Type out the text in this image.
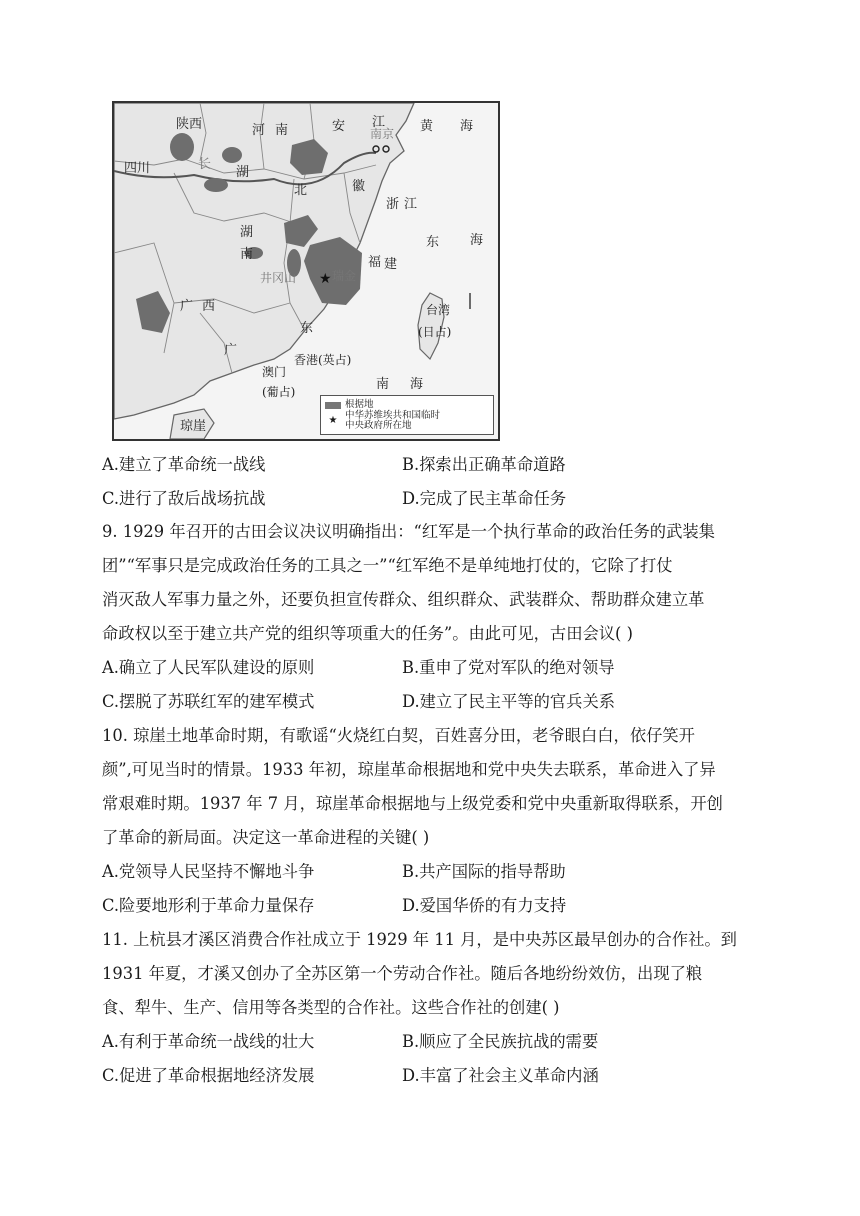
★
陕西	河南	安 江
南京 黄 海
四川	湖
长
北	徽
浙 江
湖
南
东 海
井冈山	瑞金
福 建
广 西
东
台湾
(日占)
广
香港(英占)
澳门
(葡占)	南 海
琼崖
根据地
★ 中华苏维埃共和国临时
中央政府所在地
A.建立了革命统一战线	B.探索出正确革命道路
C.进行了敌后战场抗战	D.完成了民主革命任务
9. 1929 年召开的古田会议决议明确指出：“红军是一个执行革命的政治任务的武装集
团”“军事只是完成政治任务的工具之一”“红军绝不是单纯地打仗的，它除了打仗
消灭敌人军事力量之外，还要负担宣传群众、组织群众、武装群众、帮助群众建立革
命政权以至于建立共产党的组织等项重大的任务”。由此可见，古田会议( )
A.确立了人民军队建设的原则	B.重申了党对军队的绝对领导
C.摆脱了苏联红军的建军模式	D.建立了民主平等的官兵关系
10. 琼崖土地革命时期，有歌谣“火烧红白契，百姓喜分田，老爷眼白白，依仔笑开
颜”,可见当时的情景。1933 年初，琼崖革命根据地和党中央失去联系，革命进入了异
常艰难时期。1937 年 7 月，琼崖革命根据地与上级党委和党中央重新取得联系，开创
了革命的新局面。决定这一革命进程的关键( )
A.党领导人民坚持不懈地斗争	B.共产国际的指导帮助
C.险要地形利于革命力量保存	D.爱国华侨的有力支持
11. 上杭县才溪区消费合作社成立于 1929 年 11 月，是中央苏区最早创办的合作社。到
1931 年夏，才溪又创办了全苏区第一个劳动合作社。随后各地纷纷效仿，出现了粮
食、犁牛、生产、信用等各类型的合作社。这些合作社的创建( )
A.有利于革命统一战线的壮大	B.顺应了全民族抗战的需要
C.促进了革命根据地经济发展	D.丰富了社会主义革命内涵
